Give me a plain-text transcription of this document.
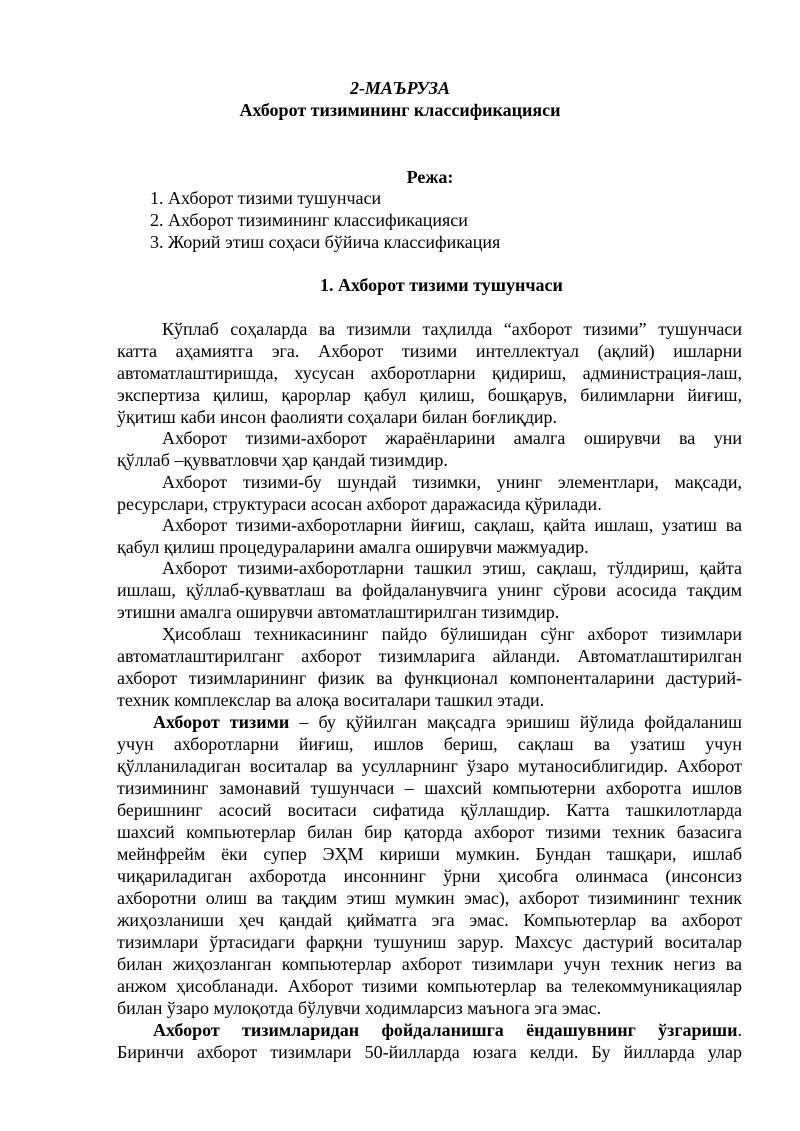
2-МАЪРУЗА
Ахборот тизимининг классификацияси
Режа:
1. Ахборот тизими тушунчаси
2. Ахборот тизимининг классификацияси
3. Жорий этиш соҳаси бўйича классификация
1. Ахборот тизими тушунчаси
Кўплаб соҳаларда ва тизимли таҳлилда “ахборот тизими” тушунчаси
катта аҳамиятга эга. Ахборот тизими интеллектуал (ақлий) ишларни
автоматлаштиришда, хусусан ахборотларни қидириш, администрация-лаш,
экспертиза қилиш, қарорлар қабул қилиш, бошқарув, билимларни йиғиш,
ўқитиш каби инсон фаолияти соҳалари билан боғлиқдир.
Ахборот тизими-ахборот жараёнларини амалга оширувчи ва уни
қўллаб –қувватловчи ҳар қандай тизимдир.
Ахборот тизими-бу шундай тизимки, унинг элементлари, мақсади,
ресурслари, структураси асосан ахборот даражасида қўрилади.
Ахборот тизими-ахборотларни йиғиш, сақлаш, қайта ишлаш, узатиш ва
қабул қилиш процедураларини амалга оширувчи мажмуадир.
Ахборот тизими-ахборотларни ташкил этиш, сақлаш, тўлдириш, қайта
ишлаш, қўллаб-қувватлаш ва фойдаланувчига унинг сўрови асосида тақдим
этишни амалга оширувчи автоматлаштирилган тизимдир.
Ҳисоблаш техникасининг пайдо бўлишидан сўнг ахборот тизимлари
автоматлаштирилганг ахборот тизимларига айланди. Автоматлаштирилган
ахборот тизимларининг физик ва функционал компоненталарини дастурий-
техник комплекслар ва алоқа воситалари ташкил этади.
Ахборот тизими – бу қўйилган мақсадга эришиш йўлида фойдаланиш
учун ахборотларни йиғиш, ишлов бериш, сақлаш ва узатиш учун
қўлланиладиган воситалар ва усулларнинг ўзаро мутаносиблигидир. Ахборот
тизимининг замонавий тушунчаси – шахсий компьютерни ахборотга ишлов
беришнинг асосий воситаси сифатида қўллашдир. Катта ташкилотларда
шахсий компьютерлар билан бир қаторда ахборот тизими техник базасига
мейнфрейм ёки супер ЭҲМ кириши мумкин. Бундан ташқари, ишлаб
чиқариладиган ахборотда инсоннинг ўрни ҳисобга олинмаса (инсонсиз
ахборотни олиш ва тақдим этиш мумкин эмас), ахборот тизимининг техник
жиҳозланиши ҳеч қандай қийматга эга эмас. Компьютерлар ва ахборот
тизимлари ўртасидаги фарқни тушуниш зарур. Махсус дастурий воситалар
билан жиҳозланган компьютерлар ахборот тизимлари учун техник негиз ва
анжом ҳисобланади. Ахборот тизими компьютерлар ва телекоммуникациялар
билан ўзаро мулоқотда бўлувчи ходимларсиз маъногa эга эмас.
Ахборот тизимларидан фойдаланишга ёндашувнинг ўзгариши.
Биринчи ахборот тизимлари 50-йилларда юзага келди. Бу йилларда улар
